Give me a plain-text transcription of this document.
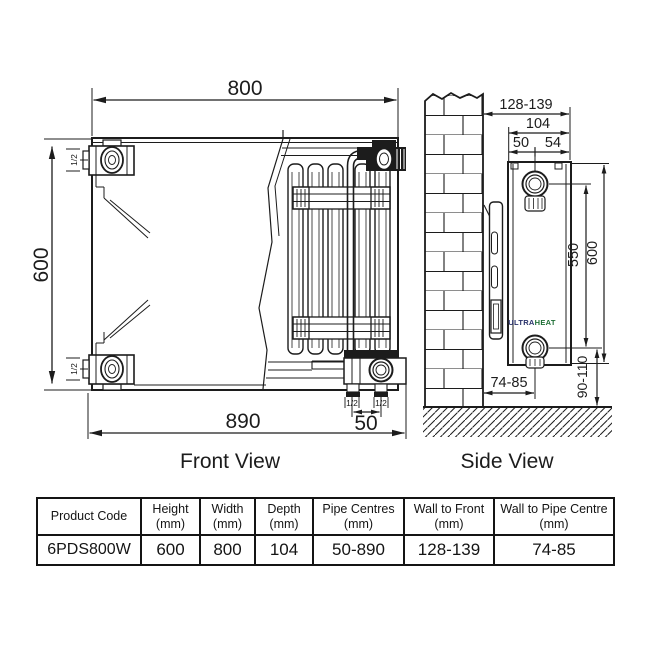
800
600
890	50
1/2 1/2
1/2
1/2
Front View
ULTRAHEAT
128-139
104
50 54
550 600
90-110
74-85
Side View
Product Code

Height
(mm)

Width
(mm)

Depth
(mm)

Pipe Centres
(mm)

Wall to Front
(mm)

Wall to Pipe Centre
(mm)

6PDS800W	600	800	104	50-890	128-139	74-85
